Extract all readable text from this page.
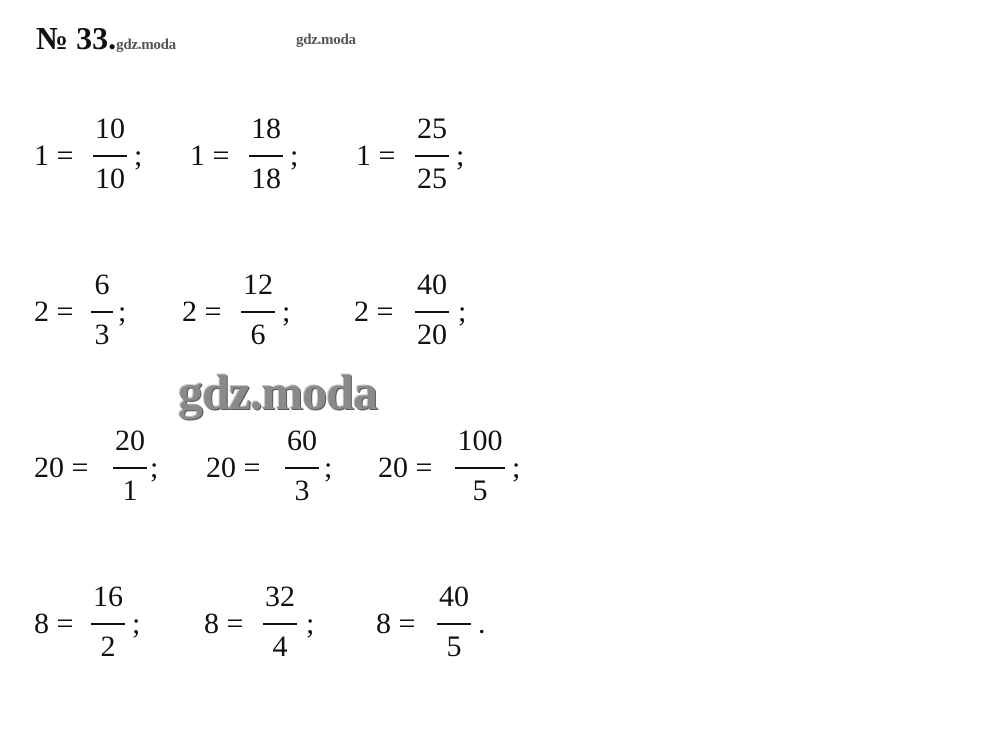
№ 33.gdz.moda	gdz.moda
1 =
10
10
; 1 =
18
18
; 1 =
25
25
;
2 =
6
3
; 2 =
12
6
; 2 =
40
20
;
20 =
20
1
; 20 =
60
3
; 20 =
100
5
;
8 =
16
2
; 8 =
32
4
; 8 =
40
5
.
gdz.moda
